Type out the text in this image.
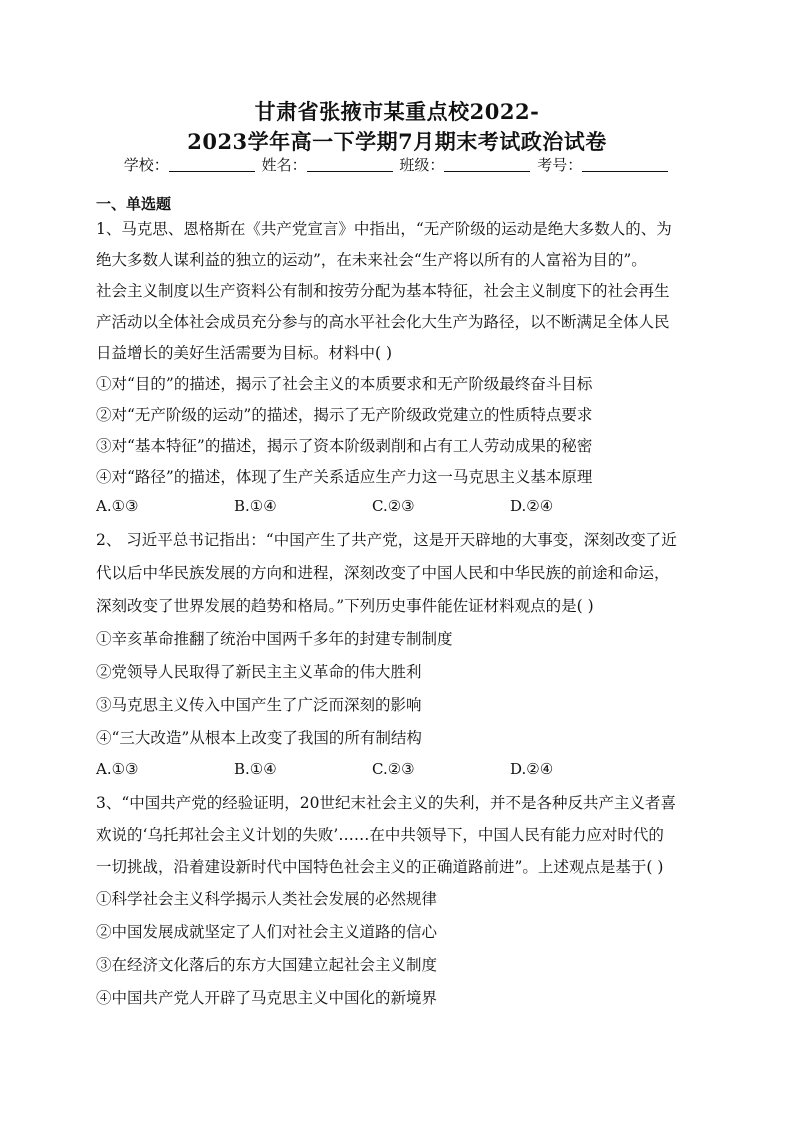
甘肃省张掖市某重点校2022-
2023学年高一下学期7月期末考试政治试卷
学校：	姓名：	班级：	考号：
一、单选题
1、马克思、恩格斯在《共产党宣言》中指出，“无产阶级的运动是绝大多数人的、为
绝大多数人谋利益的独立的运动”，在未来社会“生产将以所有的人富裕为目的”。
社会主义制度以生产资料公有制和按劳分配为基本特征，社会主义制度下的社会再生
产活动以全体社会成员充分参与的高水平社会化大生产为路径，以不断满足全体人民
日益增长的美好生活需要为目标。材料中( )
①对“目的”的描述，揭示了社会主义的本质要求和无产阶级最终奋斗目标
②对“无产阶级的运动”的描述，揭示了无产阶级政党建立的性质特点要求
③对“基本特征”的描述，揭示了资本阶级剥削和占有工人劳动成果的秘密
④对“路径”的描述，体现了生产关系适应生产力这一马克思主义基本原理
A.①③	B.①④	C.②③	D.②④
2、 习近平总书记指出：“中国产生了共产党，这是开天辟地的大事变，深刻改变了近
代以后中华民族发展的方向和进程，深刻改变了中国人民和中华民族的前途和命运，
深刻改变了世界发展的趋势和格局。”下列历史事件能佐证材料观点的是( )
①辛亥革命推翻了统治中国两千多年的封建专制制度
②党领导人民取得了新民主主义革命的伟大胜利
③马克思主义传入中国产生了广泛而深刻的影响
④“三大改造”从根本上改变了我国的所有制结构
A.①③	B.①④	C.②③	D.②④
3、“中国共产党的经验证明，20世纪末社会主义的失利，并不是各种反共产主义者喜
欢说的‘乌托邦社会主义计划的失败’……在中共领导下，中国人民有能力应对时代的
一切挑战，沿着建设新时代中国特色社会主义的正确道路前进”。上述观点是基于( )
①科学社会主义科学揭示人类社会发展的必然规律
②中国发展成就坚定了人们对社会主义道路的信心
③在经济文化落后的东方大国建立起社会主义制度
④中国共产党人开辟了马克思主义中国化的新境界
